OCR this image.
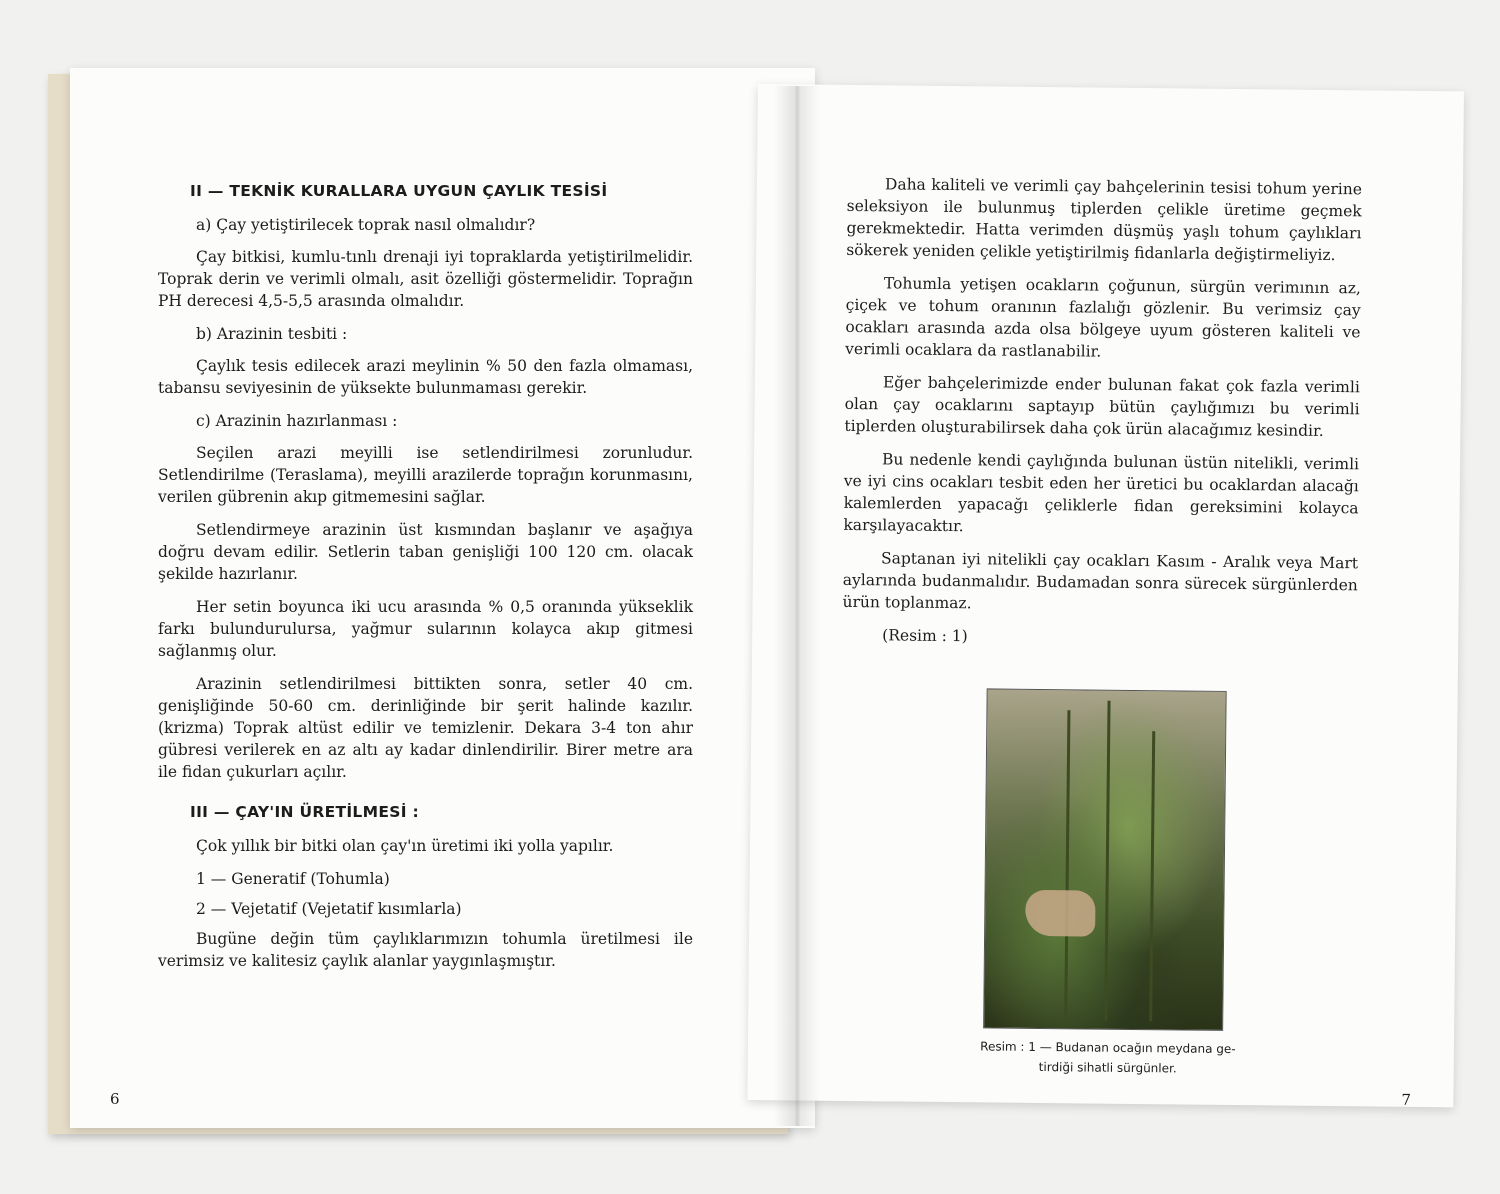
II — TEKNİK KURALLARA UYGUN ÇAYLIK TESİSİ
a) Çay yetiştirilecek toprak nasıl olmalıdır?

Çay bitkisi, kumlu-tınlı drenaji iyi topraklarda yetiştirilmelidir. Toprak derin ve verimli olmalı, asit özelliği göstermelidir. Toprağın PH derecesi 4,5-5,5 arasında olmalıdır.

b) Arazinin tesbiti :

Çaylık tesis edilecek arazi meylinin % 50 den fazla olmaması, tabansu seviyesinin de yüksekte bulunmaması gerekir.

c) Arazinin hazırlanması :

Seçilen arazi meyilli ise setlendirilmesi zorunludur. Setlendirilme (Teraslama), meyilli arazilerde toprağın korunmasını, verilen gübrenin akıp gitmemesini sağlar.

Setlendirmeye arazinin üst kısmından başlanır ve aşağıya doğru devam edilir. Setlerin taban genişliği 100 120 cm. olacak şekilde hazırlanır.

Her setin boyunca iki ucu arasında % 0,5 oranında yükseklik farkı bulundurulursa, yağmur sularının kolayca akıp gitmesi sağlanmış olur.

Arazinin setlendirilmesi bittikten sonra, setler 40 cm. genişliğinde 50-60 cm. derinliğinde bir şerit halinde kazılır. (krizma) Toprak altüst edilir ve temizlenir. Dekara 3-4 ton ahır gübresi verilerek en az altı ay kadar dinlendirilir. Birer metre ara ile fidan çukurları açılır.

III — ÇAY'IN ÜRETİLMESİ :

Çok yıllık bir bitki olan çay'ın üretimi iki yolla yapılır.

1 — Generatif (Tohumla)
2 — Vejetatif (Vejetatif kısımlarla)

Bugüne değin tüm çaylıklarımızın tohumla üretilmesi ile verimsiz ve kalitesiz çaylık alanlar yaygınlaşmıştır.

6

Daha kaliteli ve verimli çay bahçelerinin tesisi tohum yerine seleksiyon ile bulunmuş tiplerden çelikle üretime geçmek gerekmektedir. Hatta verimden düşmüş yaşlı tohum çaylıkları sökerek yeniden çelikle yetiştirilmiş fidanlarla değiştirmeliyiz.

Tohumla yetişen ocakların çoğunun, sürgün verimının az, çiçek ve tohum oranının fazlalığı gözlenir. Bu verimsiz çay ocakları arasında azda olsa bölgeye uyum gösteren kaliteli ve verimli ocaklara da rastlanabilir.

Eğer bahçelerimizde ender bulunan fakat çok fazla verimli olan çay ocaklarını saptayıp bütün çaylığımızı bu verimli tiplerden oluşturabilirsek daha çok ürün alacağımız kesindir.

Bu nedenle kendi çaylığında bulunan üstün nitelikli, verimli ve iyi cins ocakları tesbit eden her üretici bu ocaklardan alacağı kalemlerden yapacağı çeliklerle fidan gereksimini kolayca karşılayacaktır.

Saptanan iyi nitelikli çay ocakları Kasım - Aralık veya Mart aylarında budanmalıdır. Budamadan sonra sürecek sürgünlerden ürün toplanmaz.

(Resim : 1)
Resim : 1 — Budanan ocağın meydana ge-
tirdiği sihatli sürgünler.
7
